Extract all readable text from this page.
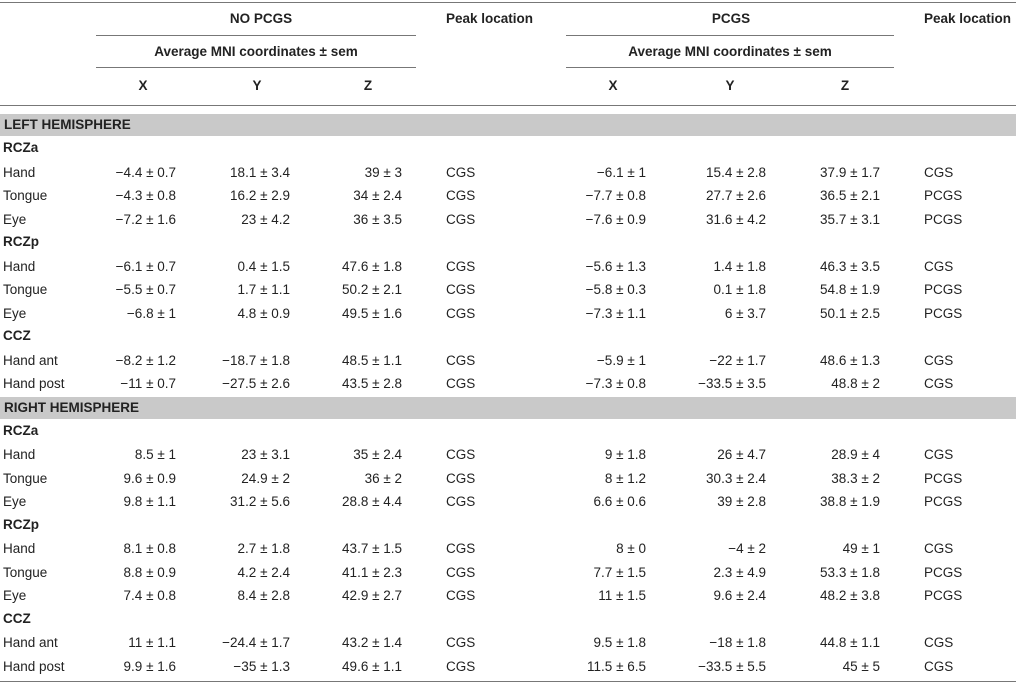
NO PCGS	Peak location	PCGS	Peak location
Average MNI coordinates ± sem	Average MNI coordinates ± sem
X	Y	Z	X	Y	Z
LEFT HEMISPHERE
RCZa
Hand	−4.4 ± 0.7	18.1 ± 3.4	39 ± 3	CGS	−6.1 ± 1	15.4 ± 2.8	37.9 ± 1.7	CGS
Tongue	−4.3 ± 0.8	16.2 ± 2.9	34 ± 2.4	CGS	−7.7 ± 0.8	27.7 ± 2.6	36.5 ± 2.1	PCGS
Eye	−7.2 ± 1.6	23 ± 4.2	36 ± 3.5	CGS	−7.6 ± 0.9	31.6 ± 4.2	35.7 ± 3.1	PCGS
RCZp
Hand	−6.1 ± 0.7	0.4 ± 1.5	47.6 ± 1.8	CGS	−5.6 ± 1.3	1.4 ± 1.8	46.3 ± 3.5	CGS
Tongue	−5.5 ± 0.7	1.7 ± 1.1	50.2 ± 2.1	CGS	−5.8 ± 0.3	0.1 ± 1.8	54.8 ± 1.9	PCGS
Eye	−6.8 ± 1	4.8 ± 0.9	49.5 ± 1.6	CGS	−7.3 ± 1.1	6 ± 3.7	50.1 ± 2.5	PCGS
CCZ
Hand ant	−8.2 ± 1.2	−18.7 ± 1.8	48.5 ± 1.1	CGS	−5.9 ± 1	−22 ± 1.7	48.6 ± 1.3	CGS
Hand post	−11 ± 0.7	−27.5 ± 2.6	43.5 ± 2.8	CGS	−7.3 ± 0.8	−33.5 ± 3.5	48.8 ± 2	CGS
RIGHT HEMISPHERE
RCZa
Hand	8.5 ± 1	23 ± 3.1	35 ± 2.4	CGS	9 ± 1.8	26 ± 4.7	28.9 ± 4	CGS
Tongue	9.6 ± 0.9	24.9 ± 2	36 ± 2	CGS	8 ± 1.2	30.3 ± 2.4	38.3 ± 2	PCGS
Eye	9.8 ± 1.1	31.2 ± 5.6	28.8 ± 4.4	CGS	6.6 ± 0.6	39 ± 2.8	38.8 ± 1.9	PCGS
RCZp
Hand	8.1 ± 0.8	2.7 ± 1.8	43.7 ± 1.5	CGS	8 ± 0	−4 ± 2	49 ± 1	CGS
Tongue	8.8 ± 0.9	4.2 ± 2.4	41.1 ± 2.3	CGS	7.7 ± 1.5	2.3 ± 4.9	53.3 ± 1.8	PCGS
Eye	7.4 ± 0.8	8.4 ± 2.8	42.9 ± 2.7	CGS	11 ± 1.5	9.6 ± 2.4	48.2 ± 3.8	PCGS
CCZ
Hand ant	11 ± 1.1	−24.4 ± 1.7	43.2 ± 1.4	CGS	9.5 ± 1.8	−18 ± 1.8	44.8 ± 1.1	CGS
Hand post	9.9 ± 1.6	−35 ± 1.3	49.6 ± 1.1	CGS	11.5 ± 6.5	−33.5 ± 5.5	45 ± 5	CGS
